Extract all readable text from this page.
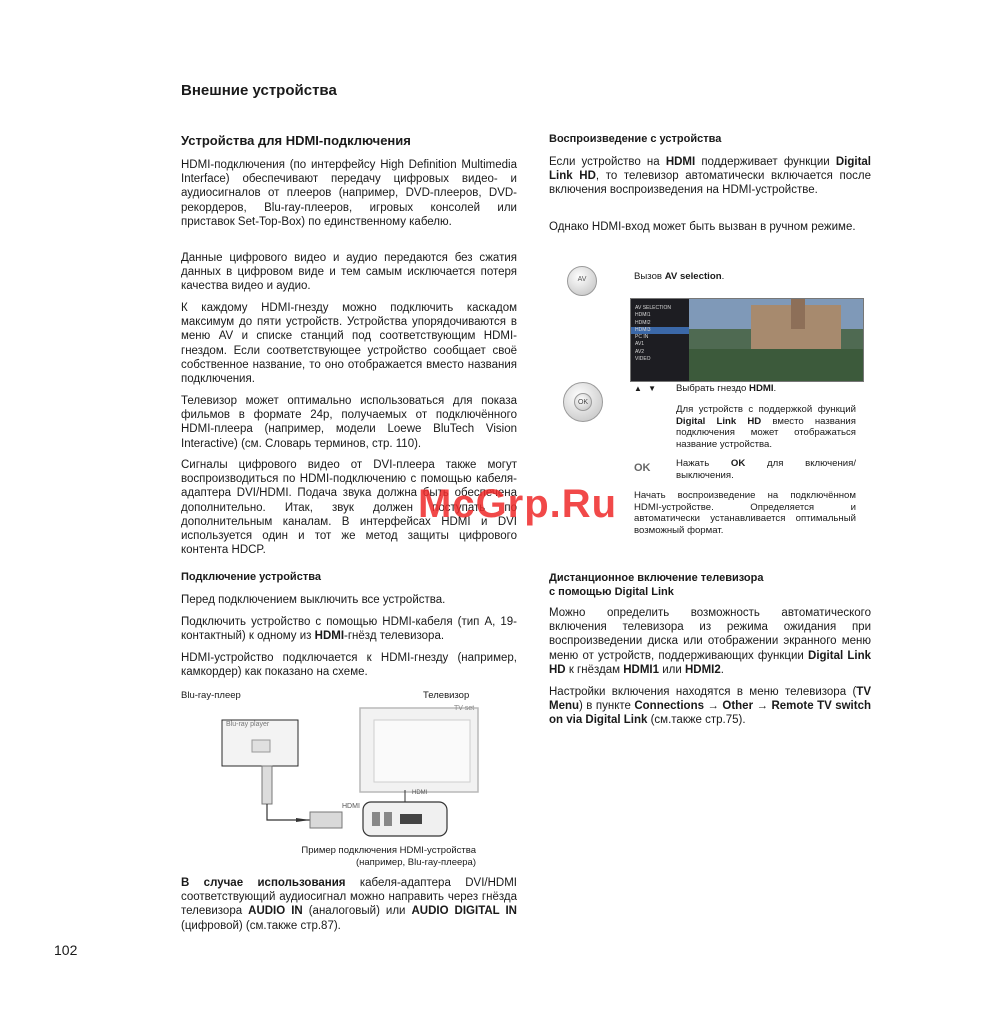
Внешние устройства
Устройства для HDMI-подключения
HDMI-подключения (по интерфейсу High Definition Multimedia Interface) обеспечивают передачу цифровых видео- и аудиосигналов от плееров (например, DVD-плееров, DVD-рекордеров, Blu-ray-плееров, игровых консолей или приставок Set-Top-Box) по единственному кабелю.
Данные цифрового видео и аудио передаются без сжатия данных в цифровом виде и тем самым исключается потеря качества видео и аудио.
К каждому HDMI-гнезду можно подключить каскадом максимум до пяти устройств. Устройства упорядочиваются в меню AV и списке станций под соответствующим HDMI-гнездом. Если соответствующее устройство сообщает своё собственное название, то оно отображается вместо названия подключения.
Телевизор может оптимально использоваться для показа фильмов в формате 24p, получаемых от подключённого HDMI-плеера (например, модели Loewe BluTech Vision Interactive) (см. Словарь терминов, стр. 110).
Сигналы цифрового видео от DVI-плеера также могут воспроизводиться по HDMI-подключению с помощью кабеля-адаптера DVI/HDMI. Подача звука должна быть обеспечена дополнительно. Итак, звук должен поступать по дополнительным каналам. В интерфейсах HDMI и DVI используется один и тот же метод защиты цифрового контента HDCP.
Подключение устройства
Перед подключением выключить все устройства.
Подключить устройство с помощью HDMI-кабеля (тип A, 19-контактный) к одному из HDMI-гнёзд телевизора.
HDMI-устройство подключается к HDMI-гнезду (например, камкордер) как показано на схеме.
Blu-ray-плеер	Телевизор
TV set
Blu-ray player
HDMI
HDMI
Пример подключения HDMI-устройства
(например, Blu-ray-плеера)
В случае использования кабеля-адаптера DVI/HDMI соответствующий аудиосигнал можно направить через гнёзда телевизора AUDIO IN (аналоговый) или AUDIO DIGITAL IN (цифровой) (см.также стр.87).
102
Воспроизведение с устройства
Если устройство на HDMI поддерживает функции Digital Link HD, то телевизор автоматически включается после включения воспроизведения на HDMI-устройстве.
Однако HDMI-вход может быть вызван в ручном режиме.
AV	Вызов AV selection.
AV SELECTION
HDMI1
HDMI2
HDMI3
PC IN
AV1
AV2
VIDEO
OK
▲ ▼ Выбрать гнездо HDMI.
Для устройств с поддержкой функций Digital Link HD вместо названия подключения может отображаться название устройства.
OK	Нажать OK для включения/выключения.
Начать воспроизведение на подключённом HDMI-устройстве. Определяется и автоматически устанавливается оптимальный возможный формат.
Дистанционное включение телевизора
с помощью Digital Link
Можно определить возможность автоматического включения телевизора из режима ожидания при воспроизведении диска или отображении экранного меню меню от устройств, поддерживающих функции Digital Link HD к гнёздам HDMI1 или HDMI2.
Настройки включения находятся в меню телевизора (TV Menu) в пункте Connections → Other → Remote TV switch on via Digital Link (см.также стр.75).
McGrp.Ru
